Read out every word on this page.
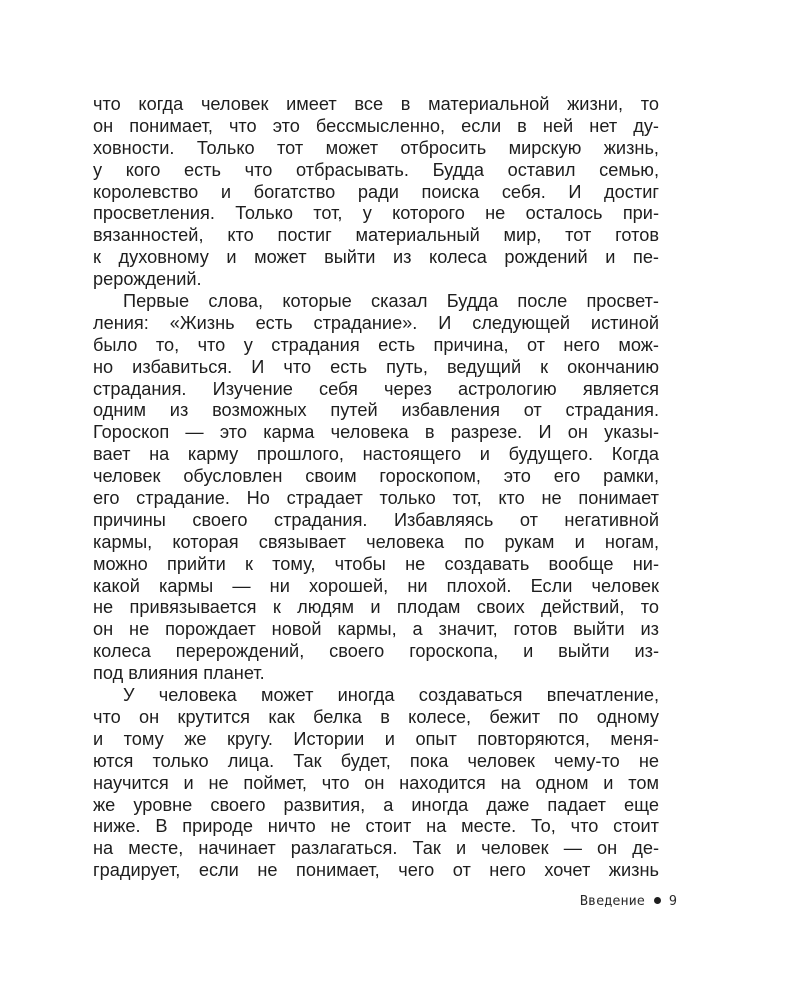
что когда человек имеет все в материальной жизни, то
он понимает, что это бессмысленно, если в ней нет ду-
ховности. Только тот может отбросить мирскую жизнь,
у кого есть что отбрасывать. Будда оставил семью,
королевство и богатство ради поиска себя. И достиг
просветления. Только тот, у которого не осталось при-
вязанностей, кто постиг материальный мир, тот готов
к духовному и может выйти из колеса рождений и пе-
рерождений.
Первые слова, которые сказал Будда после просвет-
ления: «Жизнь есть страдание». И следующей истиной
было то, что у страдания есть причина, от него мож-
но избавиться. И что есть путь, ведущий к окончанию
страдания. Изучение себя через астрологию является
одним из возможных путей избавления от страдания.
Гороскоп — это карма человека в разрезе. И он указы-
вает на карму прошлого, настоящего и будущего. Когда
человек обусловлен своим гороскопом, это его рамки,
его страдание. Но страдает только тот, кто не понимает
причины своего страдания. Избавляясь от негативной
кармы, которая связывает человека по рукам и ногам,
можно прийти к тому, чтобы не создавать вообще ни-
какой кармы — ни хорошей, ни плохой. Если человек
не привязывается к людям и плодам своих действий, то
он не порождает новой кармы, а значит, готов выйти из
колеса перерождений, своего гороскопа, и выйти из-
под влияния планет.
У человека может иногда создаваться впечатление,
что он крутится как белка в колесе, бежит по одному
и тому же кругу. Истории и опыт повторяются, меня-
ются только лица. Так будет, пока человек чему-то не
научится и не поймет, что он находится на одном и том
же уровне своего развития, а иногда даже падает еще
ниже. В природе ничто не стоит на месте. То, что стоит
на месте, начинает разлагаться. Так и человек — он де-
градирует, если не понимает, чего от него хочет жизнь
Введение 9
